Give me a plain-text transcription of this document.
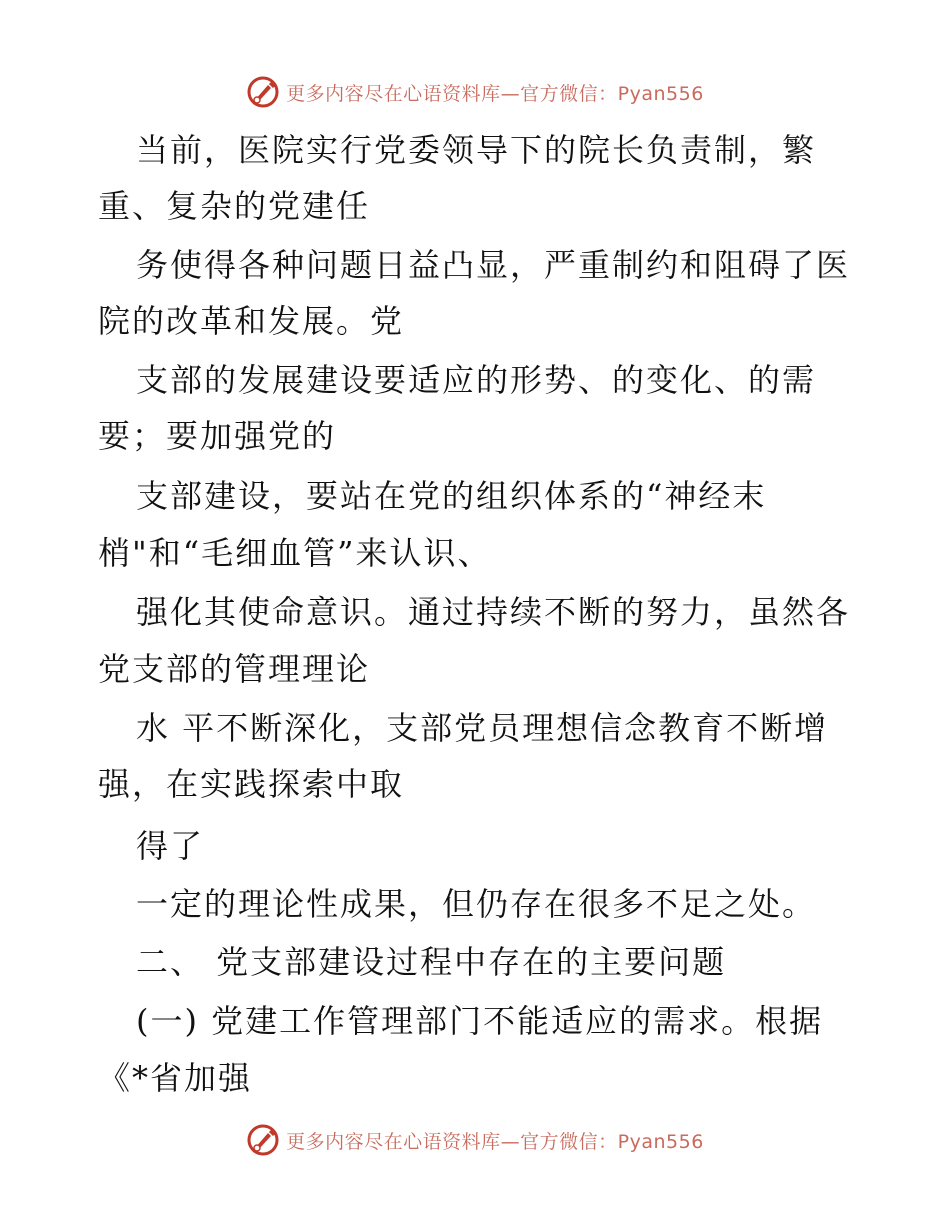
更多内容尽在心语资料库—官方微信：Pyan556
当前，医院实行党委领导下的院长负责制，繁
重、复杂的党建任
务使得各种问题日益凸显，严重制约和阻碍了医
院的改革和发展。党
支部的发展建设要适应的形势、的变化、的需
要；要加强党的
支部建设，要站在党的组织体系的“神经末
梢"和“毛细血管”来认识、
强化其使命意识。通过持续不断的努力，虽然各
党支部的管理理论
水 平不断深化，支部党员理想信念教育不断增
强，在实践探索中取
得了
一定的理论性成果，但仍存在很多不足之处。
二、 党支部建设过程中存在的主要问题
(一) 党建工作管理部门不能适应的需求。根据
《*省加强
更多内容尽在心语资料库—官方微信：Pyan556
